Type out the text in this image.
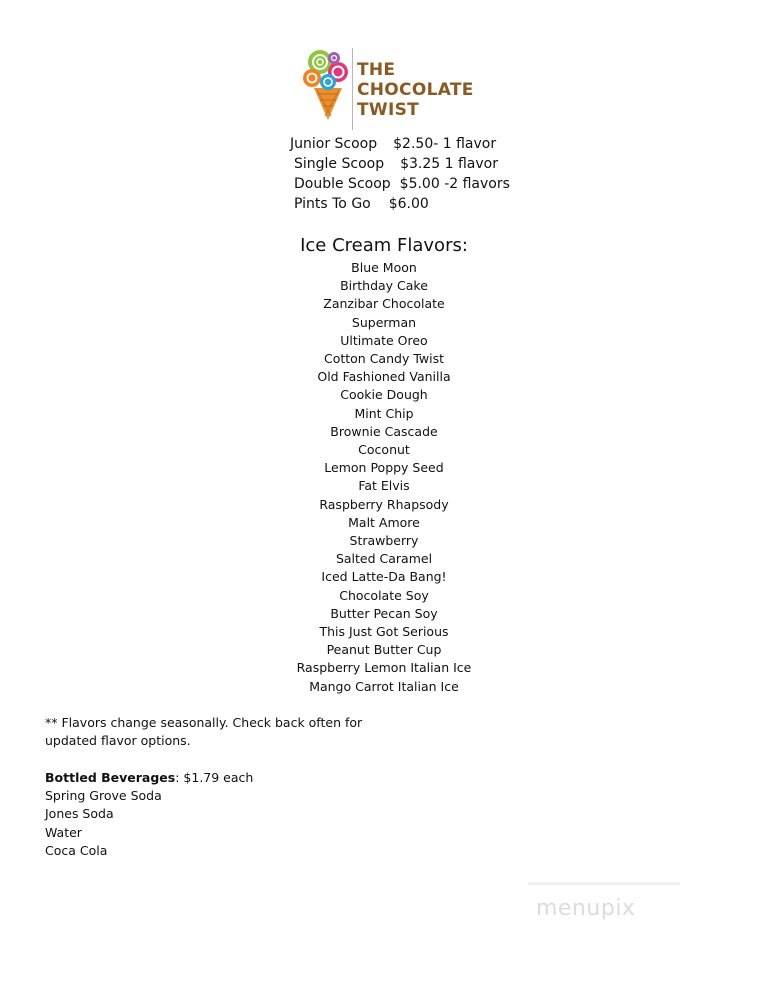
THE
CHOCOLATE
TWIST
Junior Scoop $2.50- 1 flavor
Single Scoop $3.25 1 flavor
Double Scoop $5.00 -2 flavors
Pints To Go $6.00
Ice Cream Flavors:
Blue Moon
Birthday Cake
Zanzibar Chocolate
Superman
Ultimate Oreo
Cotton Candy Twist
Old Fashioned Vanilla
Cookie Dough
Mint Chip
Brownie Cascade
Coconut
Lemon Poppy Seed
Fat Elvis
Raspberry Rhapsody
Malt Amore
Strawberry
Salted Caramel
Iced Latte-Da Bang!
Chocolate Soy
Butter Pecan Soy
This Just Got Serious
Peanut Butter Cup
Raspberry Lemon Italian Ice
Mango Carrot Italian Ice
** Flavors change seasonally. Check back often for
updated flavor options.
Bottled Beverages: $1.79 each
Spring Grove Soda
Jones Soda
Water
Coca Cola
menupix
